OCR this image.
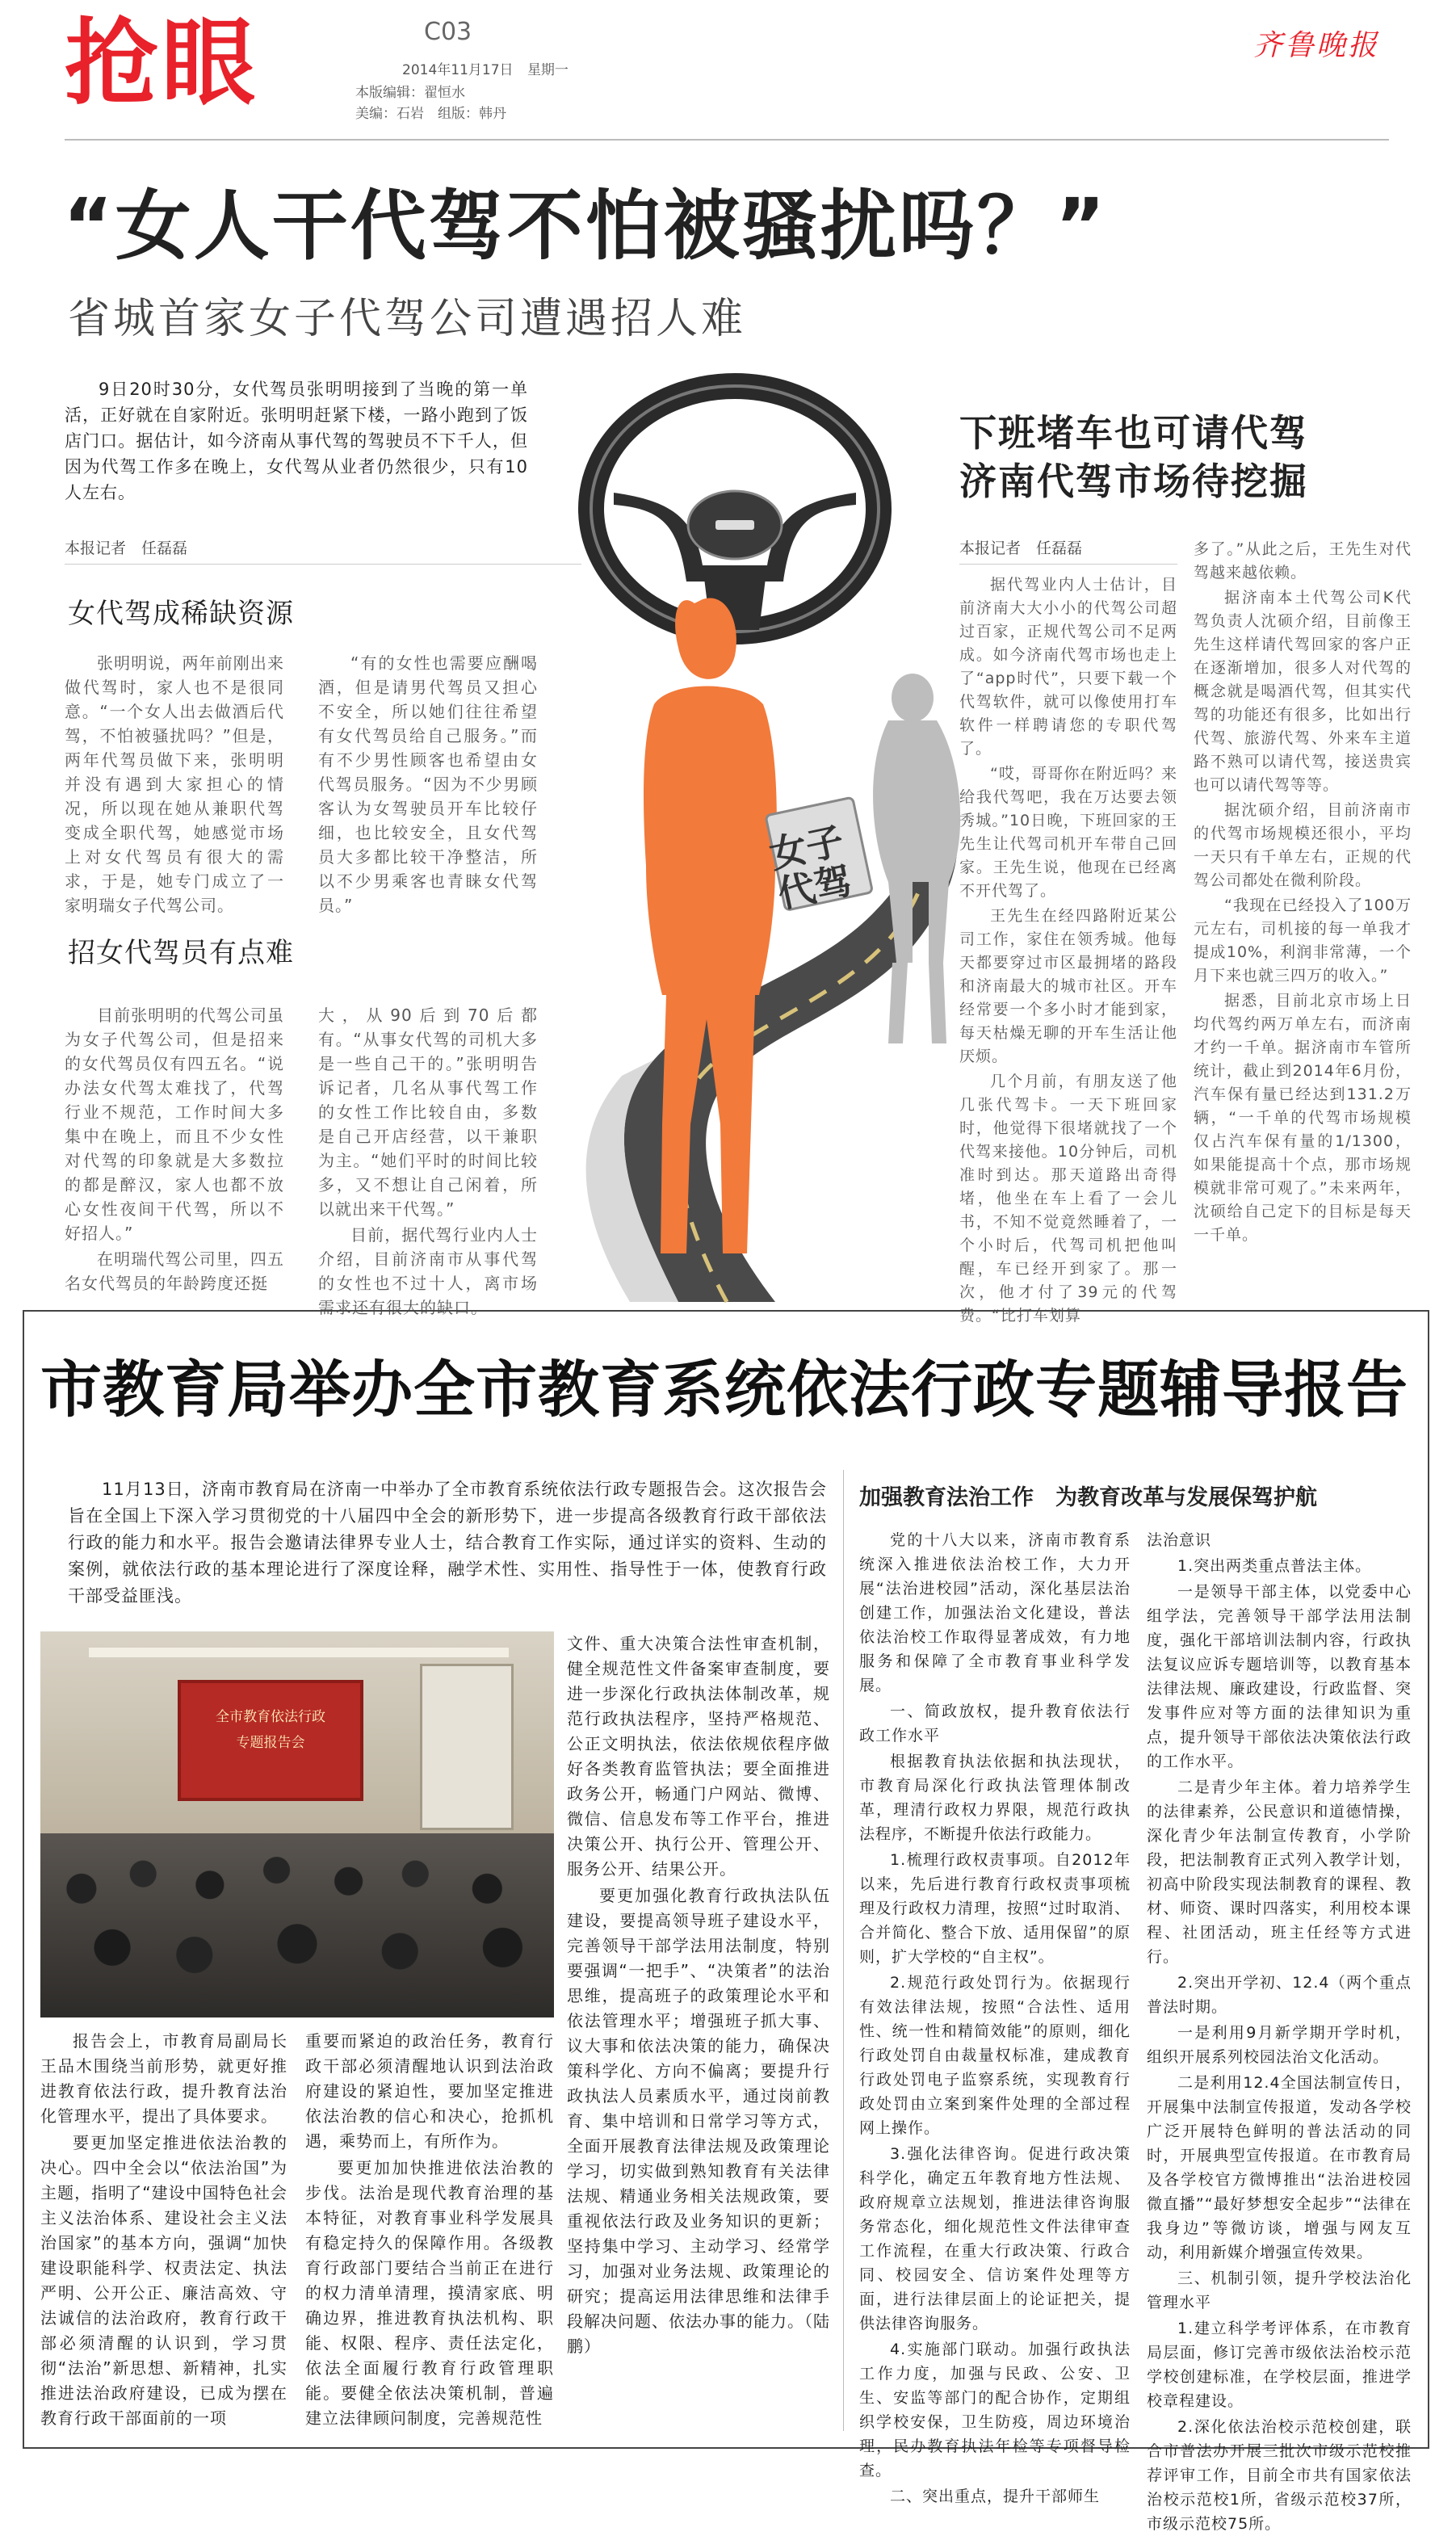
抢眼	C03
2014年11月17日 星期一
本版编辑：翟恒水
美编：石岩　组版：韩丹
齐鲁晚报
“女人干代驾不怕被骚扰吗？”
省城首家女子代驾公司遭遇招人难

9日20时30分，女代驾员张明明接到了当晚的第一单活，正好就在自家附近。张明明赶紧下楼，一路小跑到了饭店门口。据估计，如今济南从事代驾的驾驶员不下千人，但因为代驾工作多在晚上，女代驾从业者仍然很少，只有10人左右。

本报记者　任磊磊
女代驾成稀缺资源

张明明说，两年前刚出来做代驾时，家人也不是很同意。“一个女人出去做酒后代驾，不怕被骚扰吗？”但是，两年代驾员做下来，张明明并没有遇到大家担心的情况，所以现在她从兼职代驾变成全职代驾，她感觉市场上对女代驾员有很大的需求，于是，她专门成立了一家明瑞女子代驾公司。

“有的女性也需要应酬喝酒，但是请男代驾员又担心不安全，所以她们往往希望有女代驾员给自己服务。”而有不少男性顾客也希望由女代驾员服务。“因为不少男顾客认为女驾驶员开车比较仔细，也比较安全，且女代驾员大多都比较干净整洁，所以不少男乘客也青睐女代驾员。”

招女代驾员有点难

目前张明明的代驾公司虽为女子代驾公司，但是招来的女代驾员仅有四五名。“说办法女代驾太难找了，代驾行业不规范，工作时间大多集中在晚上，而且不少女性对代驾的印象就是大多数拉的都是醉汉，家人也都不放心女性夜间干代驾，所以不好招人。”

在明瑞代驾公司里，四五名女代驾员的年龄跨度还挺

大，从90后到70后都有。“从事女代驾的司机大多是一些自己干的。”张明明告诉记者，几名从事代驾工作的女性工作比较自由，多数是自己开店经营，以干兼职为主。“她们平时的时间比较多，又不想让自己闲着，所以就出来干代驾。”

目前，据代驾行业内人士介绍，目前济南市从事代驾的女性也不过十人，离市场需求还有很大的缺口。

女子
代驾
下班堵车也可请代驾
济南代驾市场待挖掘
本报记者　任磊磊

据代驾业内人士估计，目前济南大大小小的代驾公司超过百家，正规代驾公司不足两成。如今济南代驾市场也走上了“app时代”，只要下载一个代驾软件，就可以像使用打车软件一样聘请您的专职代驾了。

“哎，哥哥你在附近吗？来给我代驾吧，我在万达要去领秀城。”10日晚，下班回家的王先生让代驾司机开车带自己回家。王先生说，他现在已经离不开代驾了。

王先生在经四路附近某公司工作，家住在领秀城。他每天都要穿过市区最拥堵的路段和济南最大的城市社区。开车经常要一个多小时才能到家，每天枯燥无聊的开车生活让他厌烦。

几个月前，有朋友送了他几张代驾卡。一天下班回家时，他觉得下很堵就找了一个代驾来接他。10分钟后，司机准时到达。那天道路出奇得堵，他坐在车上看了一会儿书，不知不觉竟然睡着了，一个小时后，代驾司机把他叫醒，车已经开到家了。那一次，他才付了39元的代驾费。“比打车划算

多了。”从此之后，王先生对代驾越来越依赖。

据济南本土代驾公司K代驾负责人沈硕介绍，目前像王先生这样请代驾回家的客户正在逐渐增加，很多人对代驾的概念就是喝酒代驾，但其实代驾的功能还有很多，比如出行代驾、旅游代驾、外来车主道路不熟可以请代驾，接送贵宾也可以请代驾等等。

据沈硕介绍，目前济南市的代驾市场规模还很小，平均一天只有千单左右，正规的代驾公司都处在微利阶段。

“我现在已经投入了100万元左右，司机接的每一单我才提成10%，利润非常薄，一个月下来也就三四万的收入。”

据悉，目前北京市场上日均代驾约两万单左右，而济南才约一千单。据济南市车管所统计，截止到2014年6月份，汽车保有量已经达到131.2万辆，“一千单的代驾市场规模仅占汽车保有量的1/1300，如果能提高十个点，那市场规模就非常可观了。”未来两年，沈硕给自己定下的目标是每天一千单。

市教育局举办全市教育系统依法行政专题辅导报告

11月13日，济南市教育局在济南一中举办了全市教育系统依法行政专题报告会。这次报告会旨在全国上下深入学习贯彻党的十八届四中全会的新形势下，进一步提高各级教育行政干部依法行政的能力和水平。报告会邀请法律界专业人士，结合教育工作实际，通过详实的资料、生动的案例，就依法行政的基本理论进行了深度诠释，融学术性、实用性、指导性于一体，使教育行政干部受益匪浅。

全市教育依法行政
专题报告会

文件、重大决策合法性审查机制，健全规范性文件备案审查制度，要进一步深化行政执法体制改革，规范行政执法程序，坚持严格规范、公正文明执法，依法依规依程序做好各类教育监管执法；要全面推进政务公开，畅通门户网站、微博、微信、信息发布等工作平台，推进决策公开、执行公开、管理公开、服务公开、结果公开。

要更加强化教育行政执法队伍建设，要提高领导班子建设水平，完善领导干部学法用法制度，特别要强调“一把手”、“决策者”的法治思维，提高班子的政策理论水平和依法管理水平；增强班子抓大事、议大事和依法决策的能力，确保决策科学化、方向不偏离；要提升行政执法人员素质水平，通过岗前教育、集中培训和日常学习等方式，全面开展教育法律法规及政策理论学习，切实做到熟知教育有关法律法规、精通业务相关法规政策，要重视依法行政及业务知识的更新；坚持集中学习、主动学习、经常学习，加强对业务法规、政策理论的研究；提高运用法律思维和法律手段解决问题、依法办事的能力。（陆鹏）

报告会上，市教育局副局长王品木围绕当前形势，就更好推进教育依法行政，提升教育法治化管理水平，提出了具体要求。

要更加坚定推进依法治教的决心。四中全会以“依法治国”为主题，指明了“建设中国特色社会主义法治体系、建设社会主义法治国家”的基本方向，强调“加快建设职能科学、权责法定、执法严明、公开公正、廉洁高效、守法诚信的法治政府，教育行政干部必须清醒的认识到，学习贯彻“法治”新思想、新精神，扎实推进法治政府建设，已成为摆在教育行政干部面前的一项

重要而紧迫的政治任务，教育行政干部必须清醒地认识到法治政府建设的紧迫性，要加坚定推进依法治教的信心和决心，抢抓机遇，乘势而上，有所作为。

要更加加快推进依法治教的步伐。法治是现代教育治理的基本特征，对教育事业科学发展具有稳定持久的保障作用。各级教育行政部门要结合当前正在进行的权力清单清理，摸清家底、明确边界，推进教育执法机构、职能、权限、程序、责任法定化，依法全面履行教育行政管理职能。要健全依法决策机制，普遍建立法律顾问制度，完善规范性

加强教育法治工作　为教育改革与发展保驾护航

党的十八大以来，济南市教育系统深入推进依法治校工作，大力开展“法治进校园”活动，深化基层法治创建工作，加强法治文化建设，普法依法治校工作取得显著成效，有力地服务和保障了全市教育事业科学发展。

一、简政放权，提升教育依法行政工作水平

根据教育执法依据和执法现状，市教育局深化行政执法管理体制改革，理清行政权力界限，规范行政执法程序，不断提升依法行政能力。

1.梳理行政权责事项。自2012年以来，先后进行教育行政权责事项梳理及行政权力清理，按照“过时取消、合并简化、整合下放、适用保留”的原则，扩大学校的“自主权”。

2.规范行政处罚行为。依据现行有效法律法规，按照“合法性、适用性、统一性和精简效能”的原则，细化行政处罚自由裁量权标准，建成教育行政处罚电子监察系统，实现教育行政处罚由立案到案件处理的全部过程网上操作。

3.强化法律咨询。促进行政决策科学化，确定五年教育地方性法规、政府规章立法规划，推进法律咨询服务常态化，细化规范性文件法律审查工作流程，在重大行政决策、行政合同、校园安全、信访案件处理等方面，进行法律层面上的论证把关，提供法律咨询服务。

4.实施部门联动。加强行政执法工作力度，加强与民政、公安、卫生、安监等部门的配合协作，定期组织学校安保，卫生防疫，周边环境治理，民办教育执法年检等专项督导检查。

二、突出重点，提升干部师生

法治意识

1.突出两类重点普法主体。

一是领导干部主体，以党委中心组学法，完善领导干部学法用法制度，强化干部培训法制内容，行政执法复议应诉专题培训等，以教育基本法律法规、廉政建设，行政监督、突发事件应对等方面的法律知识为重点，提升领导干部依法决策依法行政的工作水平。

二是青少年主体。着力培养学生的法律素养，公民意识和道德情操，深化青少年法制宣传教育，小学阶段，把法制教育正式列入教学计划，初高中阶段实现法制教育的课程、教材、师资、课时四落实，利用校本课程、社团活动，班主任经等方式进行。

2.突出开学初、12.4（两个重点普法时期。

一是利用9月新学期开学时机，组织开展系列校园法治文化活动。

二是利用12.4全国法制宣传日，开展集中法制宣传报道，发动各学校广泛开展特色鲜明的普法活动的同时，开展典型宣传报道。在市教育局及各学校官方微博推出“法治进校园微直播”“最好梦想安全起步”“法律在我身边”等微访谈，增强与网友互动，利用新媒介增强宣传效果。

三、机制引领，提升学校法治化管理水平

1.建立科学考评体系，在市教育局层面，修订完善市级依法治校示范学校创建标准，在学校层面，推进学校章程建设。

2.深化依法治校示范校创建，联合市普法办开展三批次市级示范校推荐评审工作，目前全市共有国家依法治校示范校1所，省级示范校37所，市级示范校75所。
